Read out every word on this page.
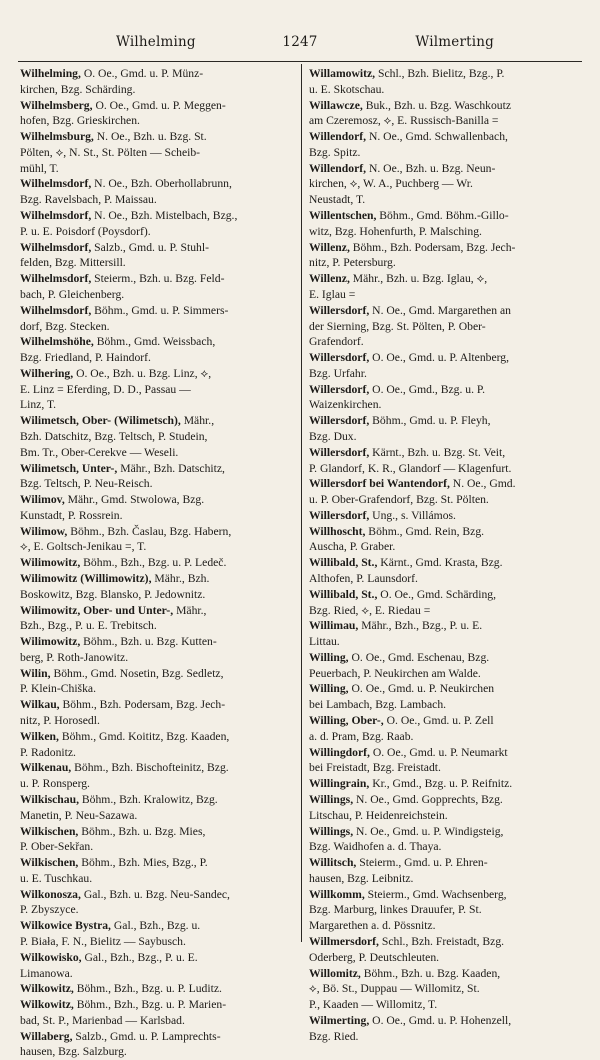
Wilhelming	1247	Wilmerting
Wilhelming, O. Oe., Gmd. u. P. Münz-
kirchen, Bzg. Schärding.
Wilhelmsberg, O. Oe., Gmd. u. P. Meggen-
hofen, Bzg. Grieskirchen.
Wilhelmsburg, N. Oe., Bzh. u. Bzg. St.
Pölten, ⟡, N. St., St. Pölten — Scheib-
mühl, T.
Wilhelmsdorf, N. Oe., Bzh. Oberhollabrunn,
Bzg. Ravelsbach, P. Maissau.
Wilhelmsdorf, N. Oe., Bzh. Mistelbach, Bzg.,
P. u. E. Poisdorf (Poysdorf).
Wilhelmsdorf, Salzb., Gmd. u. P. Stuhl-
felden, Bzg. Mittersill.
Wilhelmsdorf, Steierm., Bzh. u. Bzg. Feld-
bach, P. Gleichenberg.
Wilhelmsdorf, Böhm., Gmd. u. P. Simmers-
dorf, Bzg. Stecken.
Wilhelmshöhe, Böhm., Gmd. Weissbach,
Bzg. Friedland, P. Haindorf.
Wilhering, O. Oe., Bzh. u. Bzg. Linz, ⟡,
E. Linz = Eferding, D. D., Passau —
Linz, T.
Wilimetsch, Ober- (Wilimetsch), Mähr.,
Bzh. Datschitz, Bzg. Teltsch, P. Studein,
Bm. Tr., Ober-Cerekve — Weseli.
Wilimetsch, Unter-, Mähr., Bzh. Datschitz,
Bzg. Teltsch, P. Neu-Reisch.
Wilimov, Mähr., Gmd. Stwolowa, Bzg.
Kunstadt, P. Rossrein.
Wilimow, Böhm., Bzh. Časlau, Bzg. Habern,
⟡, E. Goltsch-Jenikau =, T.
Wilimowitz, Böhm., Bzh., Bzg. u. P. Ledeč.
Wilimowitz (Willimowitz), Mähr., Bzh.
Boskowitz, Bzg. Blansko, P. Jedownitz.
Wilimowitz, Ober- und Unter-, Mähr.,
Bzh., Bzg., P. u. E. Trebitsch.
Wilimowitz, Böhm., Bzh. u. Bzg. Kutten-
berg, P. Roth-Janowitz.
Wilin, Böhm., Gmd. Nosetin, Bzg. Sedletz,
P. Klein-Chiška.
Wilkau, Böhm., Bzh. Podersam, Bzg. Jech-
nitz, P. Horosedl.
Wilken, Böhm., Gmd. Koititz, Bzg. Kaaden,
P. Radonitz.
Wilkenau, Böhm., Bzh. Bischofteinitz, Bzg.
u. P. Ronsperg.
Wilkischau, Böhm., Bzh. Kralowitz, Bzg.
Manetin, P. Neu-Sazawa.
Wilkischen, Böhm., Bzh. u. Bzg. Mies,
P. Ober-Sekřan.
Wilkischen, Böhm., Bzh. Mies, Bzg., P.
u. E. Tuschkau.
Wilkonosza, Gal., Bzh. u. Bzg. Neu-Sandec,
P. Zbyszyce.
Wilkowice Bystra, Gal., Bzh., Bzg. u.
P. Biała, F. N., Bielitz — Saybusch.
Wilkowisko, Gal., Bzh., Bzg., P. u. E.
Limanowa.
Wilkowitz, Böhm., Bzh., Bzg. u. P. Luditz.
Wilkowitz, Böhm., Bzh., Bzg. u. P. Marien-
bad, St. P., Marienbad — Karlsbad.
Willaberg, Salzb., Gmd. u. P. Lamprechts-
hausen, Bzg. Salzburg.
Willamowitz, Schl., Bzh. Bielitz, Bzg., P.
u. E. Skotschau.
Willawcze, Buk., Bzh. u. Bzg. Waschkoutz
am Czeremosz, ⟡, E. Russisch-Banilla =
Willendorf, N. Oe., Gmd. Schwallenbach,
Bzg. Spitz.
Willendorf, N. Oe., Bzh. u. Bzg. Neun-
kirchen, ⟡, W. A., Puchberg — Wr.
Neustadt, T.
Willentschen, Böhm., Gmd. Böhm.-Gillo-
witz, Bzg. Hohenfurth, P. Malsching.
Willenz, Böhm., Bzh. Podersam, Bzg. Jech-
nitz, P. Petersburg.
Willenz, Mähr., Bzh. u. Bzg. Iglau, ⟡,
E. Iglau =
Willersdorf, N. Oe., Gmd. Margarethen an
der Sierning, Bzg. St. Pölten, P. Ober-
Grafendorf.
Willersdorf, O. Oe., Gmd. u. P. Altenberg,
Bzg. Urfahr.
Willersdorf, O. Oe., Gmd., Bzg. u. P.
Waizenkirchen.
Willersdorf, Böhm., Gmd. u. P. Fleyh,
Bzg. Dux.
Willersdorf, Kärnt., Bzh. u. Bzg. St. Veit,
P. Glandorf, K. R., Glandorf — Klagenfurt.
Willersdorf bei Wantendorf, N. Oe., Gmd.
u. P. Ober-Grafendorf, Bzg. St. Pölten.
Willersdorf, Ung., s. Villámos.
Willhoscht, Böhm., Gmd. Rein, Bzg.
Auscha, P. Graber.
Willibald, St., Kärnt., Gmd. Krasta, Bzg.
Althofen, P. Launsdorf.
Willibald, St., O. Oe., Gmd. Schärding,
Bzg. Ried, ⟡, E. Riedau =
Willimau, Mähr., Bzh., Bzg., P. u. E.
Littau.
Willing, O. Oe., Gmd. Eschenau, Bzg.
Peuerbach, P. Neukirchen am Walde.
Willing, O. Oe., Gmd. u. P. Neukirchen
bei Lambach, Bzg. Lambach.
Willing, Ober-, O. Oe., Gmd. u. P. Zell
a. d. Pram, Bzg. Raab.
Willingdorf, O. Oe., Gmd. u. P. Neumarkt
bei Freistadt, Bzg. Freistadt.
Willingrain, Kr., Gmd., Bzg. u. P. Reifnitz.
Willings, N. Oe., Gmd. Gopprechts, Bzg.
Litschau, P. Heidenreichstein.
Willings, N. Oe., Gmd. u. P. Windigsteig,
Bzg. Waidhofen a. d. Thaya.
Willitsch, Steierm., Gmd. u. P. Ehren-
hausen, Bzg. Leibnitz.
Willkomm, Steierm., Gmd. Wachsenberg,
Bzg. Marburg, linkes Drauufer, P. St.
Margarethen a. d. Pössnitz.
Willmersdorf, Schl., Bzh. Freistadt, Bzg.
Oderberg, P. Deutschleuten.
Willomitz, Böhm., Bzh. u. Bzg. Kaaden,
⟡, Bö. St., Duppau — Willomitz, St.
P., Kaaden — Willomitz, T.
Wilmerting, O. Oe., Gmd. u. P. Hohenzell,
Bzg. Ried.
